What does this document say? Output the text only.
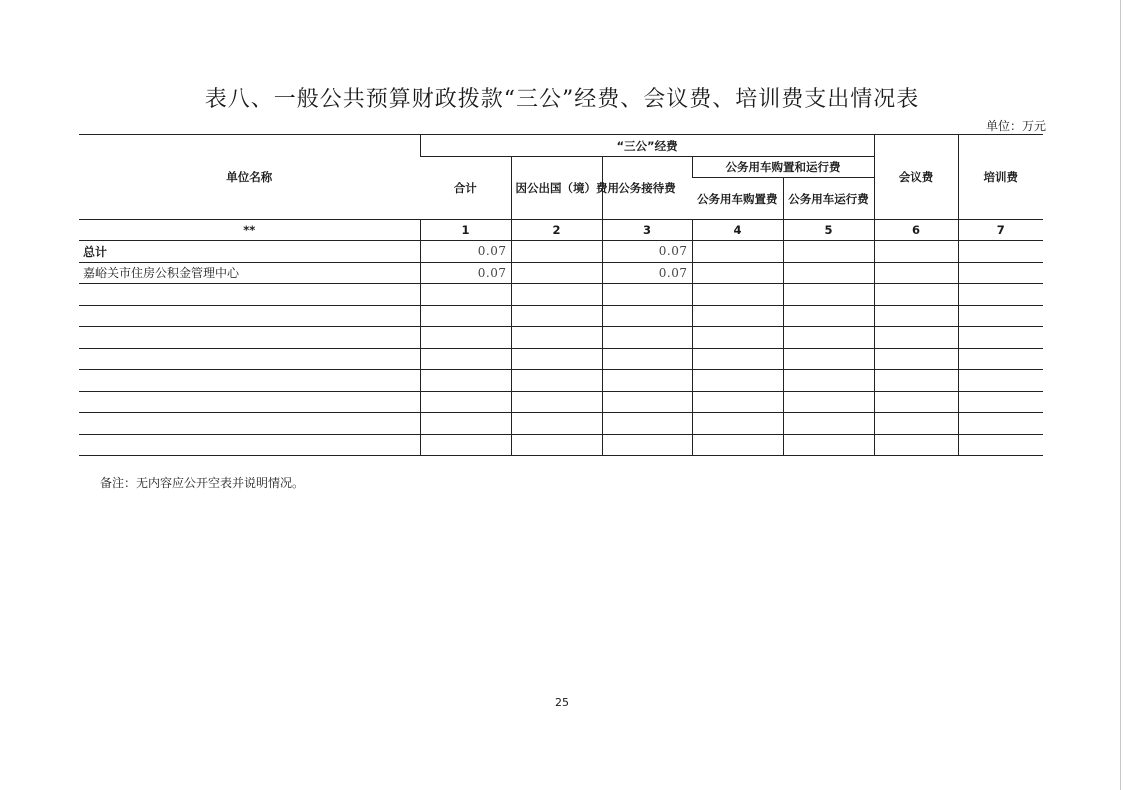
表八、一般公共预算财政拨款“三公”经费、会议费、培训费支出情况表
单位：万元
单位名称	“三公”经费					会议费	培训费
	合计	因公出国（境）费用	公务接待费	公务用车购置和运行费			
				公务用车购置费	公务用车运行费		

**	1	2	3	4	5	6	7
总计	0.07		0.07				
嘉峪关市住房公积金管理中心	0.07		0.07				

备注：无内容应公开空表并说明情况。
25
